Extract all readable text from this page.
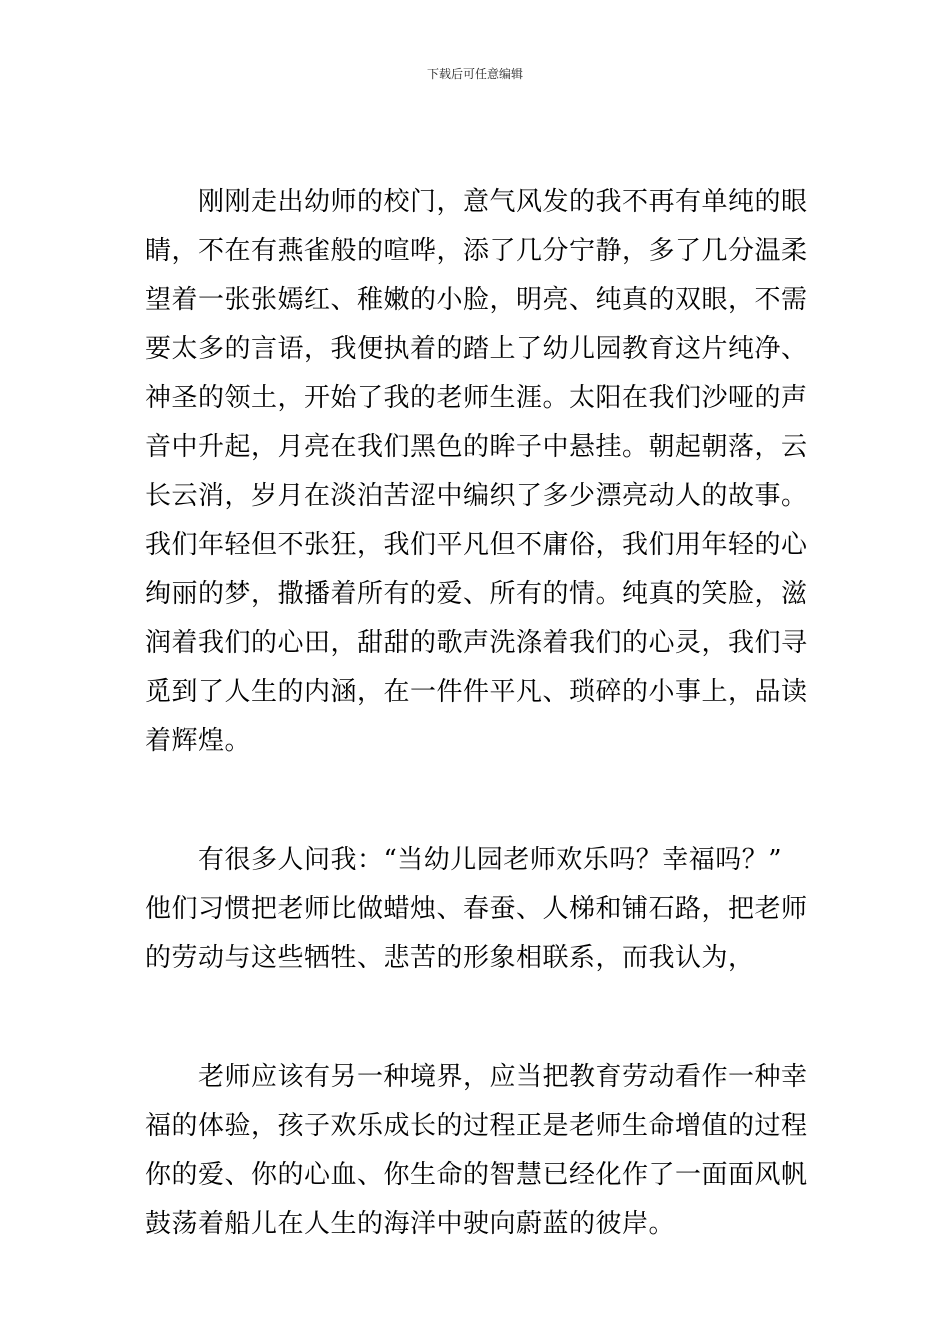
下载后可任意编辑
刚刚走出幼师的校门，意气风发的我不再有单纯的眼
睛，不在有燕雀般的喧哗，添了几分宁静，多了几分温柔
望着一张张嫣红、稚嫩的小脸，明亮、纯真的双眼，不需
要太多的言语，我便执着的踏上了幼儿园教育这片纯净、
神圣的领土，开始了我的老师生涯。太阳在我们沙哑的声
音中升起，月亮在我们黑色的眸子中悬挂。朝起朝落，云
长云消，岁月在淡泊苦涩中编织了多少漂亮动人的故事。
我们年轻但不张狂，我们平凡但不庸俗，我们用年轻的心
绚丽的梦，撒播着所有的爱、所有的情。纯真的笑脸，滋
润着我们的心田，甜甜的歌声洗涤着我们的心灵，我们寻
觅到了人生的内涵，在一件件平凡、琐碎的小事上，品读
着辉煌。
有很多人问我：“当幼儿园老师欢乐吗？幸福吗？”
他们习惯把老师比做蜡烛、春蚕、人梯和铺石路，把老师
的劳动与这些牺牲、悲苦的形象相联系，而我认为，
老师应该有另一种境界，应当把教育劳动看作一种幸
福的体验，孩子欢乐成长的过程正是老师生命增值的过程
你的爱、你的心血、你生命的智慧已经化作了一面面风帆
鼓荡着船儿在人生的海洋中驶向蔚蓝的彼岸。
